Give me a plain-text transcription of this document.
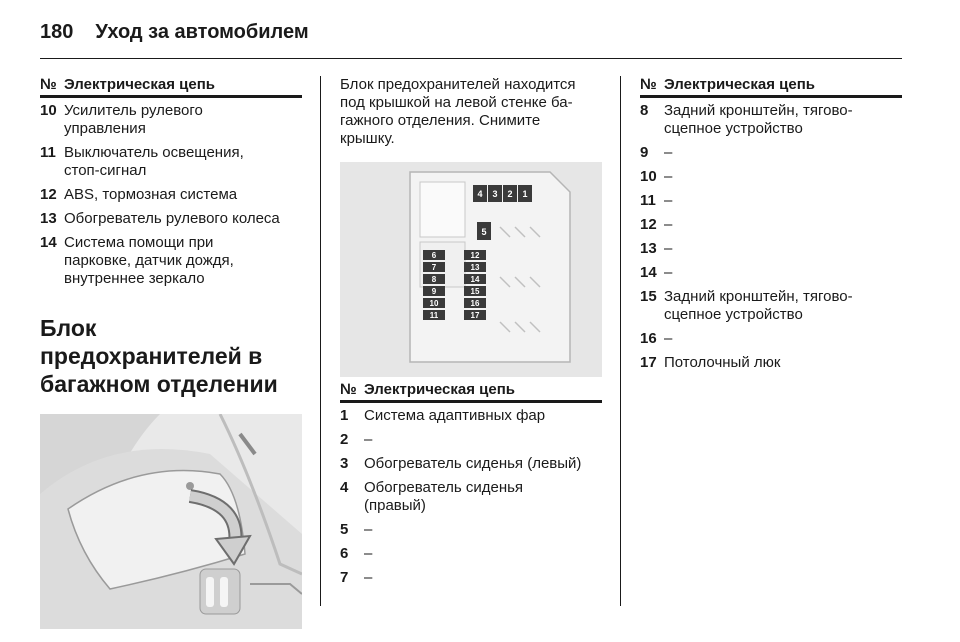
180 Уход за автомобилем
№ Электрическая цепь
10 Усилитель рулевого управления
11 Выключатель освещения, стоп-сигнал
12 ABS, тормозная система
13 Обогреватель рулевого колеса
14 Система помощи при парковке, датчик дождя, внутреннее зеркало
Блок предохранителей в багажном отделении
Блок предохранителей находится под крышкой на левой стенке ба-гажного отделения. Снимите крышку.
4 3 2 1
5
6
7
8
9
10
11
12
13
14
15
16
17
№ Электрическая цепь
1	Система адаптивных фар
2	–
3	Обогреватель сиденья (левый)
4	Обогреватель сиденья (правый)
5	–
6	–
7	–
№ Электрическая цепь
8	Задний кронштейн, тягово-сцепное устройство
9	–
10 –
11 –
12 –
13 –
14 –
15 Задний кронштейн, тягово-сцепное устройство
16 –
17 Потолочный люк
